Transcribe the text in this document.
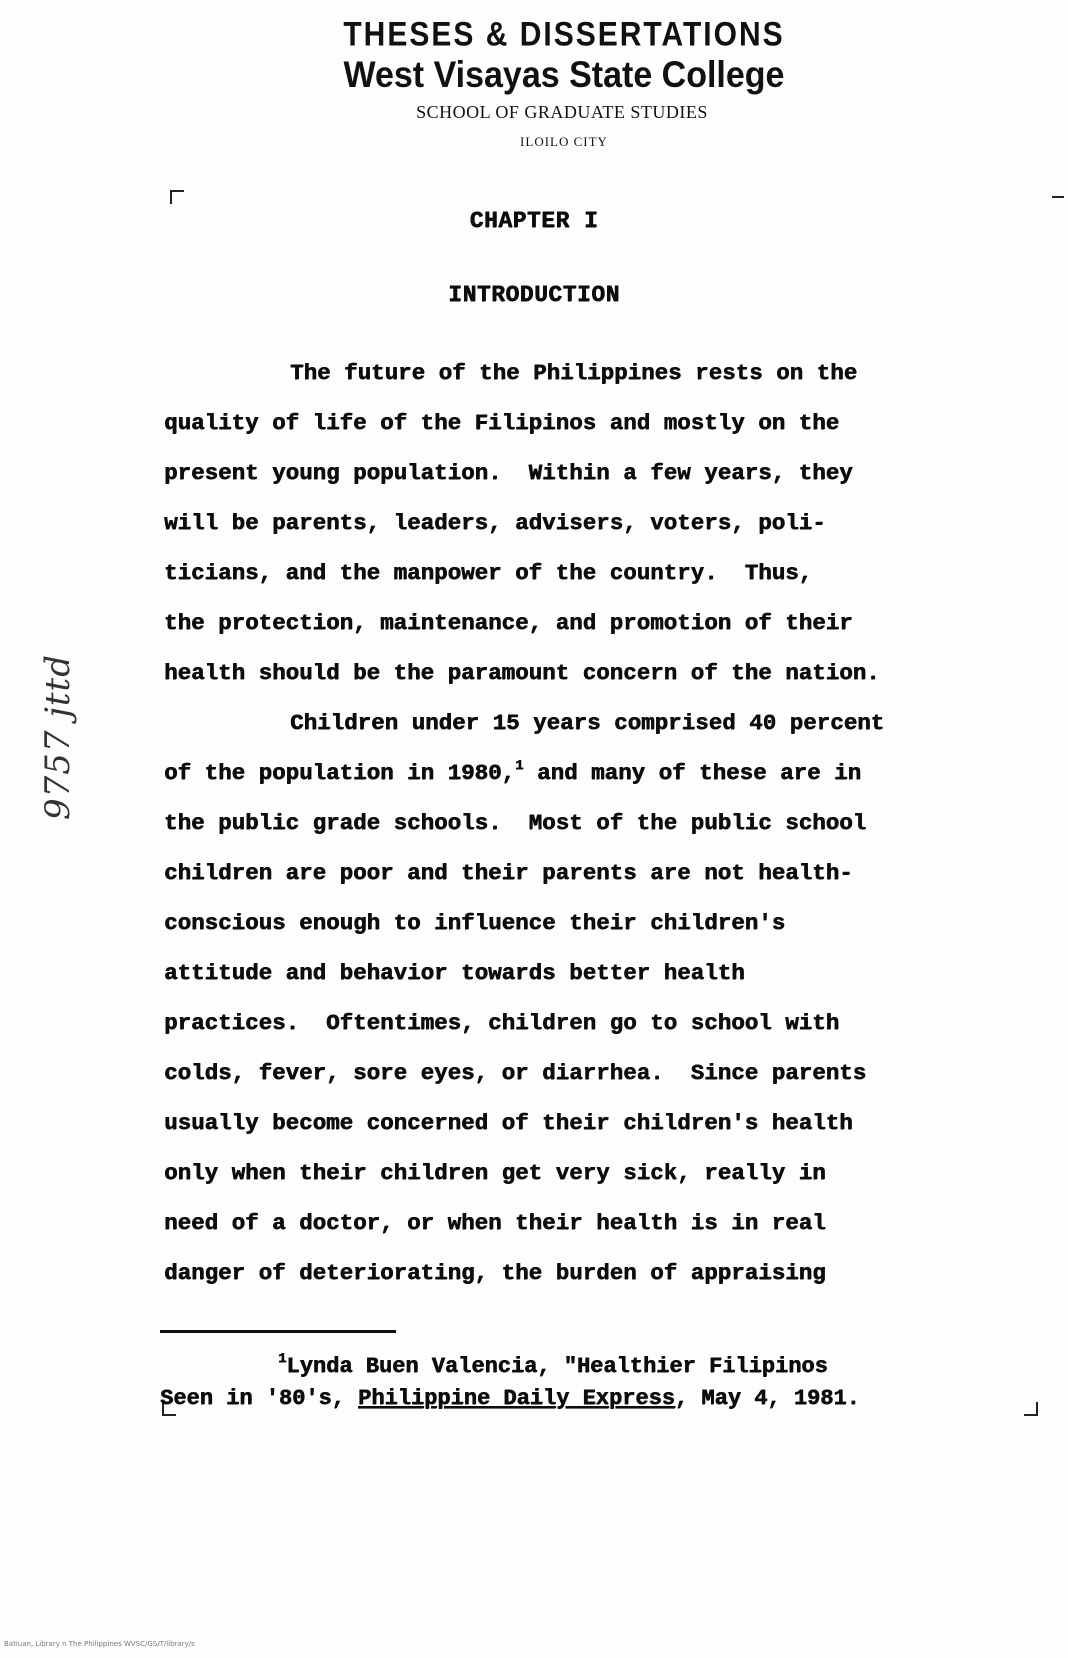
THESES & DISSERTATIONS
West Visayas State College
SCHOOL OF GRADUATE STUDIES
ILOILO CITY
CHAPTER I
INTRODUCTION
The future of the Philippines rests on the
quality of life of the Filipinos and mostly on the
present young population.  Within a few years, they
will be parents, leaders, advisers, voters, poli-
ticians, and the manpower of the country.  Thus,
the protection, maintenance, and promotion of their
health should be the paramount concern of the nation.
Children under 15 years comprised 40 percent
of the population in 1980,$^1$ and many of these are in
the public grade schools.  Most of the public school
children are poor and their parents are not health-
conscious enough to influence their children's
attitude and behavior towards better health
practices.  Oftentimes, children go to school with
colds, fever, sore eyes, or diarrhea.  Since parents
usually become concerned of their children's health
only when their children get very sick, really in
need of a doctor, or when their health is in real
danger of deteriorating, the burden of appraising
$^1$Lynda Buen Valencia, "Healthier Filipinos
Seen in '80's, Philippine Daily Express, May 4, 1981.
9757 jttd
Batiuan, Library n The Philippines WVSC/GS/T/library/s
